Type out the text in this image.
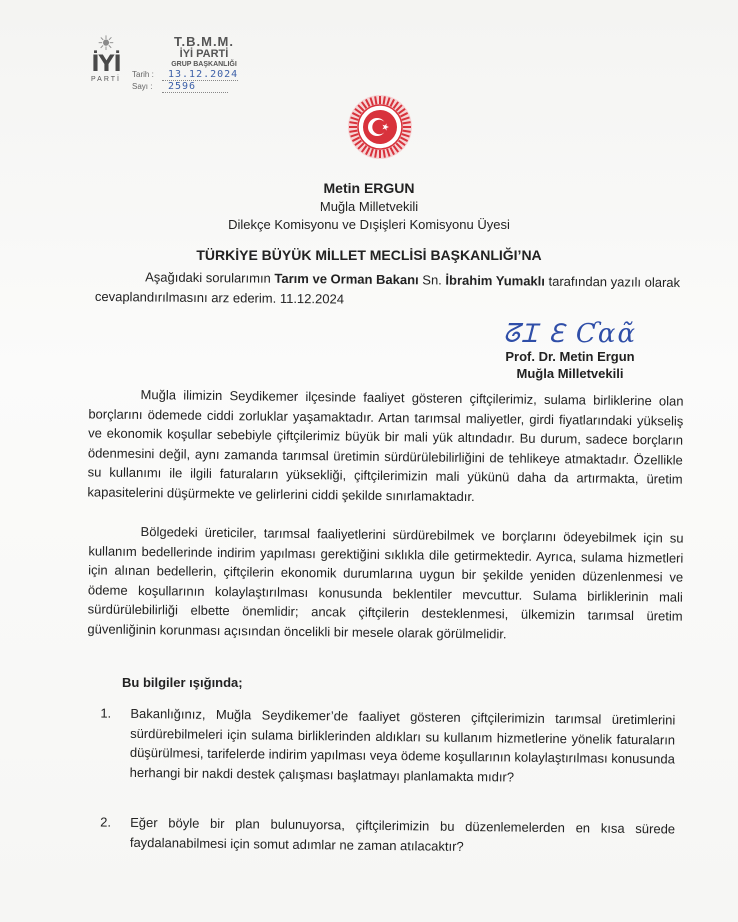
☀
İYİ
PARTİ
T.B.M.M.
İYİ PARTİ
GRUP BAŞKANLIĞI
Tarih :	13.12.2024
Sayı :	2596
Metin ERGUN
Muğla Milletvekili
Dilekçe Komisyonu ve Dışişleri Komisyonu Üyesi
TÜRKİYE BÜYÜK MİLLET MECLİSİ BAŞKANLIĞI’NA
Aşağıdaki sorularımın Tarım ve Orman Bakanı Sn. İbrahim Yumaklı tarafından yazılı olarak cevaplandırılmasını arz ederim. 11.12.2024
ᘔꞮ ℇ Ƈɑɑ̃
Prof. Dr. Metin Ergun
Muğla Milletvekili
Muğla ilimizin Seydikemer ilçesinde faaliyet gösteren çiftçilerimiz, sulama birliklerine olan borçlarını ödemede ciddi zorluklar yaşamaktadır. Artan tarımsal maliyetler, girdi fiyatlarındaki yükseliş ve ekonomik koşullar sebebiyle çiftçilerimiz büyük bir mali yük altındadır. Bu durum, sadece borçların ödenmesini değil, aynı zamanda tarımsal üretimin sürdürülebilirliğini de tehlikeye atmaktadır. Özellikle su kullanımı ile ilgili faturaların yüksekliği, çiftçilerimizin mali yükünü daha da artırmakta, üretim kapasitelerini düşürmekte ve gelirlerini ciddi şekilde sınırlamaktadır.
Bölgedeki üreticiler, tarımsal faaliyetlerini sürdürebilmek ve borçlarını ödeyebilmek için su kullanım bedellerinde indirim yapılması gerektiğini sıklıkla dile getirmektedir. Ayrıca, sulama hizmetleri için alınan bedellerin, çiftçilerin ekonomik durumlarına uygun bir şekilde yeniden düzenlenmesi ve ödeme koşullarının kolaylaştırılması konusunda beklentiler mevcuttur. Sulama birliklerinin mali sürdürülebilirliği elbette önemlidir; ancak çiftçilerin desteklenmesi, ülkemizin tarımsal üretim güvenliğinin korunması açısından öncelikli bir mesele olarak görülmelidir.
Bu bilgiler ışığında;
1.	Bakanlığınız, Muğla Seydikemer’de faaliyet gösteren çiftçilerimizin tarımsal üretimlerini sürdürebilmeleri için sulama birliklerinden aldıkları su kullanım hizmetlerine yönelik faturaların düşürülmesi, tarifelerde indirim yapılması veya ödeme koşullarının kolaylaştırılması konusunda herhangi bir nakdi destek çalışması başlatmayı planlamakta mıdır?
2.	Eğer böyle bir plan bulunuyorsa, çiftçilerimizin bu düzenlemelerden en kısa sürede faydalanabilmesi için somut adımlar ne zaman atılacaktır?
